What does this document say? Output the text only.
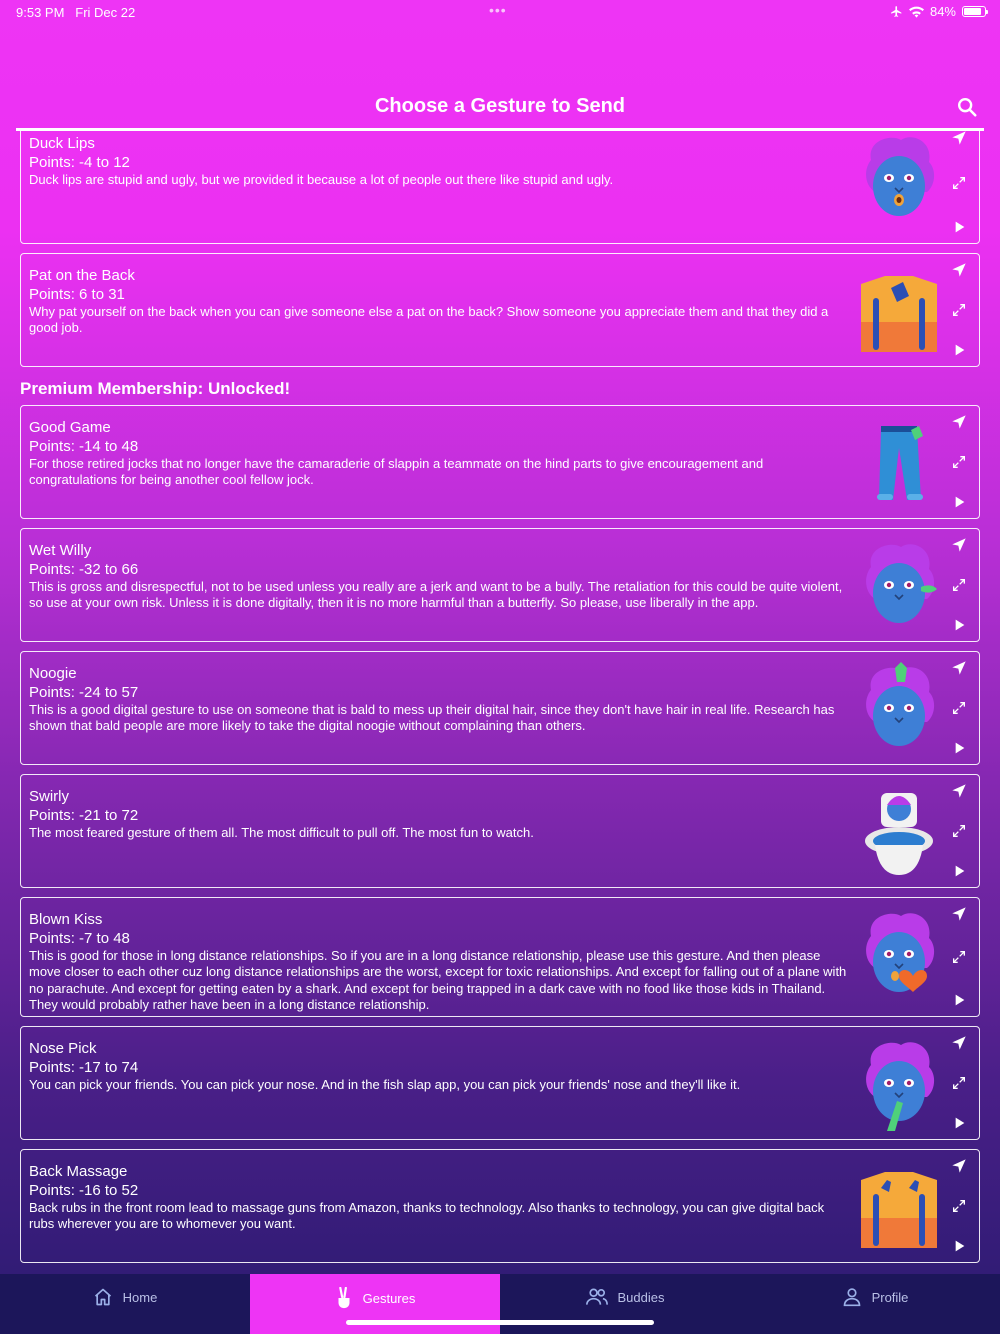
9:53 PM Fri Dec 22	•••	84%
Choose a Gesture to Send
Premium Membership: Unlocked!
Duck Lips
Points: -4 to 12
Duck lips are stupid and ugly, but we provided it because a lot of people out there like stupid and ugly.
Pat on the Back
Points: 6 to 31
Why pat yourself on the back when you can give someone else a pat on the back? Show someone you appreciate them and that they did a good job.
Good Game
Points: -14 to 48
For those retired jocks that no longer have the camaraderie of slappin a teammate on the hind parts to give encouragement and congratulations for being another cool fellow jock.
Wet Willy
Points: -32 to 66
This is gross and disrespectful, not to be used unless you really are a jerk and want to be a bully. The retaliation for this could be quite violent, so use at your own risk. Unless it is done digitally, then it is no more harmful than a butterfly. So please, use liberally in the app.
Noogie
Points: -24 to 57
This is a good digital gesture to use on someone that is bald to mess up their digital hair, since they don't have hair in real life. Research has shown that bald people are more likely to take the digital noogie without complaining than others.
Swirly
Points: -21 to 72
The most feared gesture of them all. The most difficult to pull off. The most fun to watch.
Blown Kiss
Points: -7 to 48
This is good for those in long distance relationships. So if you are in a long distance relationship, please use this gesture. And then please move closer to each other cuz long distance relationships are the worst, except for toxic relationships. And except for falling out of a plane with no parachute. And except for getting eaten by a shark. And except for being trapped in a dark cave with no food like those kids in Thailand. They would probably rather have been in a long distance relationship.
Nose Pick
Points: -17 to 74
You can pick your friends. You can pick your nose. And in the fish slap app, you can pick your friends' nose and they'll like it.
Back Massage
Points: -16 to 52
Back rubs in the front room lead to massage guns from Amazon, thanks to technology. Also thanks to technology, you can give digital back rubs wherever you are to whomever you want.
Home	Gestures	Buddies	Profile
